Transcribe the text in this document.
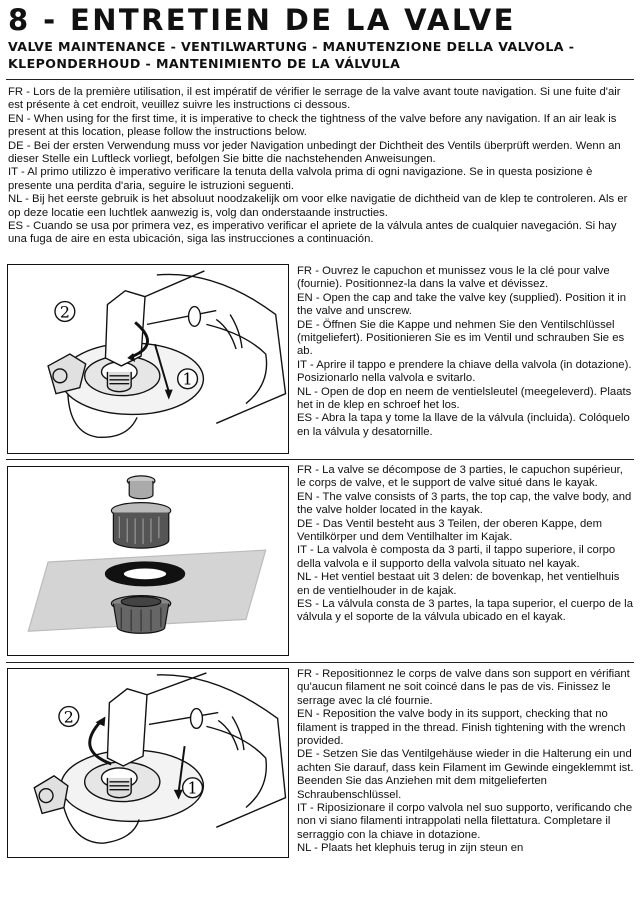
8 - ENTRETIEN DE LA VALVE
VALVE MAINTENANCE - VENTILWARTUNG - MANUTENZIONE DELLA VALVOLA - KLEPONDERHOUD - MANTENIMIENTO DE LA VÁLVULA

FR - Lors de la première utilisation, il est impératif de vérifier le serrage de la valve avant toute navigation. Si une fuite d'air est présente à cet endroit, veuillez suivre les instructions ci dessous.

EN - When using for the first time, it is imperative to check the tightness of the valve before any navigation. If an air leak is present at this location, please follow the instructions below.

DE - Bei der ersten Verwendung muss vor jeder Navigation unbedingt der Dichtheit des Ventils überprüft werden. Wenn an dieser Stelle ein Luftleck vorliegt, befolgen Sie bitte die nachstehenden Anweisungen.

IT - Al primo utilizzo è imperativo verificare la tenuta della valvola prima di ogni navigazione. Se in questa posizione è presente una perdita d'aria, seguire le istruzioni seguenti.

NL - Bij het eerste gebruik is het absoluut noodzakelijk om voor elke navigatie de dichtheid van de klep te controleren. Als er op deze locatie een luchtlek aanwezig is, volg dan onderstaande instructies.

ES - Cuando se usa por primera vez, es imperativo verificar el apriete de la válvula antes de cualquier navegación. Si hay una fuga de aire en esta ubicación, siga las instrucciones a continuación.

2
1

FR - Ouvrez le capuchon et munissez vous le la clé pour valve (fournie). Positionnez-la dans la valve et dévissez.

EN - Open the cap and take the valve key (supplied). Position it in the valve and unscrew.

DE - Öffnen Sie die Kappe und nehmen Sie den Ventilschlüssel (mitgeliefert). Positionieren Sie es im Ventil und schrauben Sie es ab.

IT - Aprire il tappo e prendere la chiave della valvola (in dotazione). Posizionarlo nella valvola e svitarlo.

NL - Open de dop en neem de ventielsleutel (meegeleverd). Plaats het in de klep en schroef het los.

ES - Abra la tapa y tome la llave de la válvula (incluida). Colóquelo en la válvula y desatornille.

FR - La valve se décompose de 3 parties, le capuchon supérieur, le corps de valve, et le support de valve situé dans le kayak.

EN - The valve consists of 3 parts, the top cap, the valve body, and the valve holder located in the kayak.

DE - Das Ventil besteht aus 3 Teilen, der oberen Kappe, dem Ventilkörper und dem Ventilhalter im Kajak.

IT - La valvola è composta da 3 parti, il tappo superiore, il corpo della valvola e il supporto della valvola situato nel kayak.

NL - Het ventiel bestaat uit 3 delen: de bovenkap, het ventielhuis en de ventielhouder in de kajak.

ES - La válvula consta de 3 partes, la tapa superior, el cuerpo de la válvula y el soporte de la válvula ubicado en el kayak.

2
1

FR - Repositionnez le corps de valve dans son support en vérifiant qu'aucun filament ne soit coincé dans le pas de vis. Finissez le serrage avec la clé fournie.

EN - Reposition the valve body in its support, checking that no filament is trapped in the thread. Finish tightening with the wrench provided.

DE - Setzen Sie das Ventilgehäuse wieder in die Halterung ein und achten Sie darauf, dass kein Filament im Gewinde eingeklemmt ist. Beenden Sie das Anziehen mit dem mitgelieferten Schraubenschlüssel.

IT - Riposizionare il corpo valvola nel suo supporto, verificando che non vi siano filamenti intrappolati nella filettatura. Completare il serraggio con la chiave in dotazione.

NL - Plaats het klephuis terug in zijn steun en
